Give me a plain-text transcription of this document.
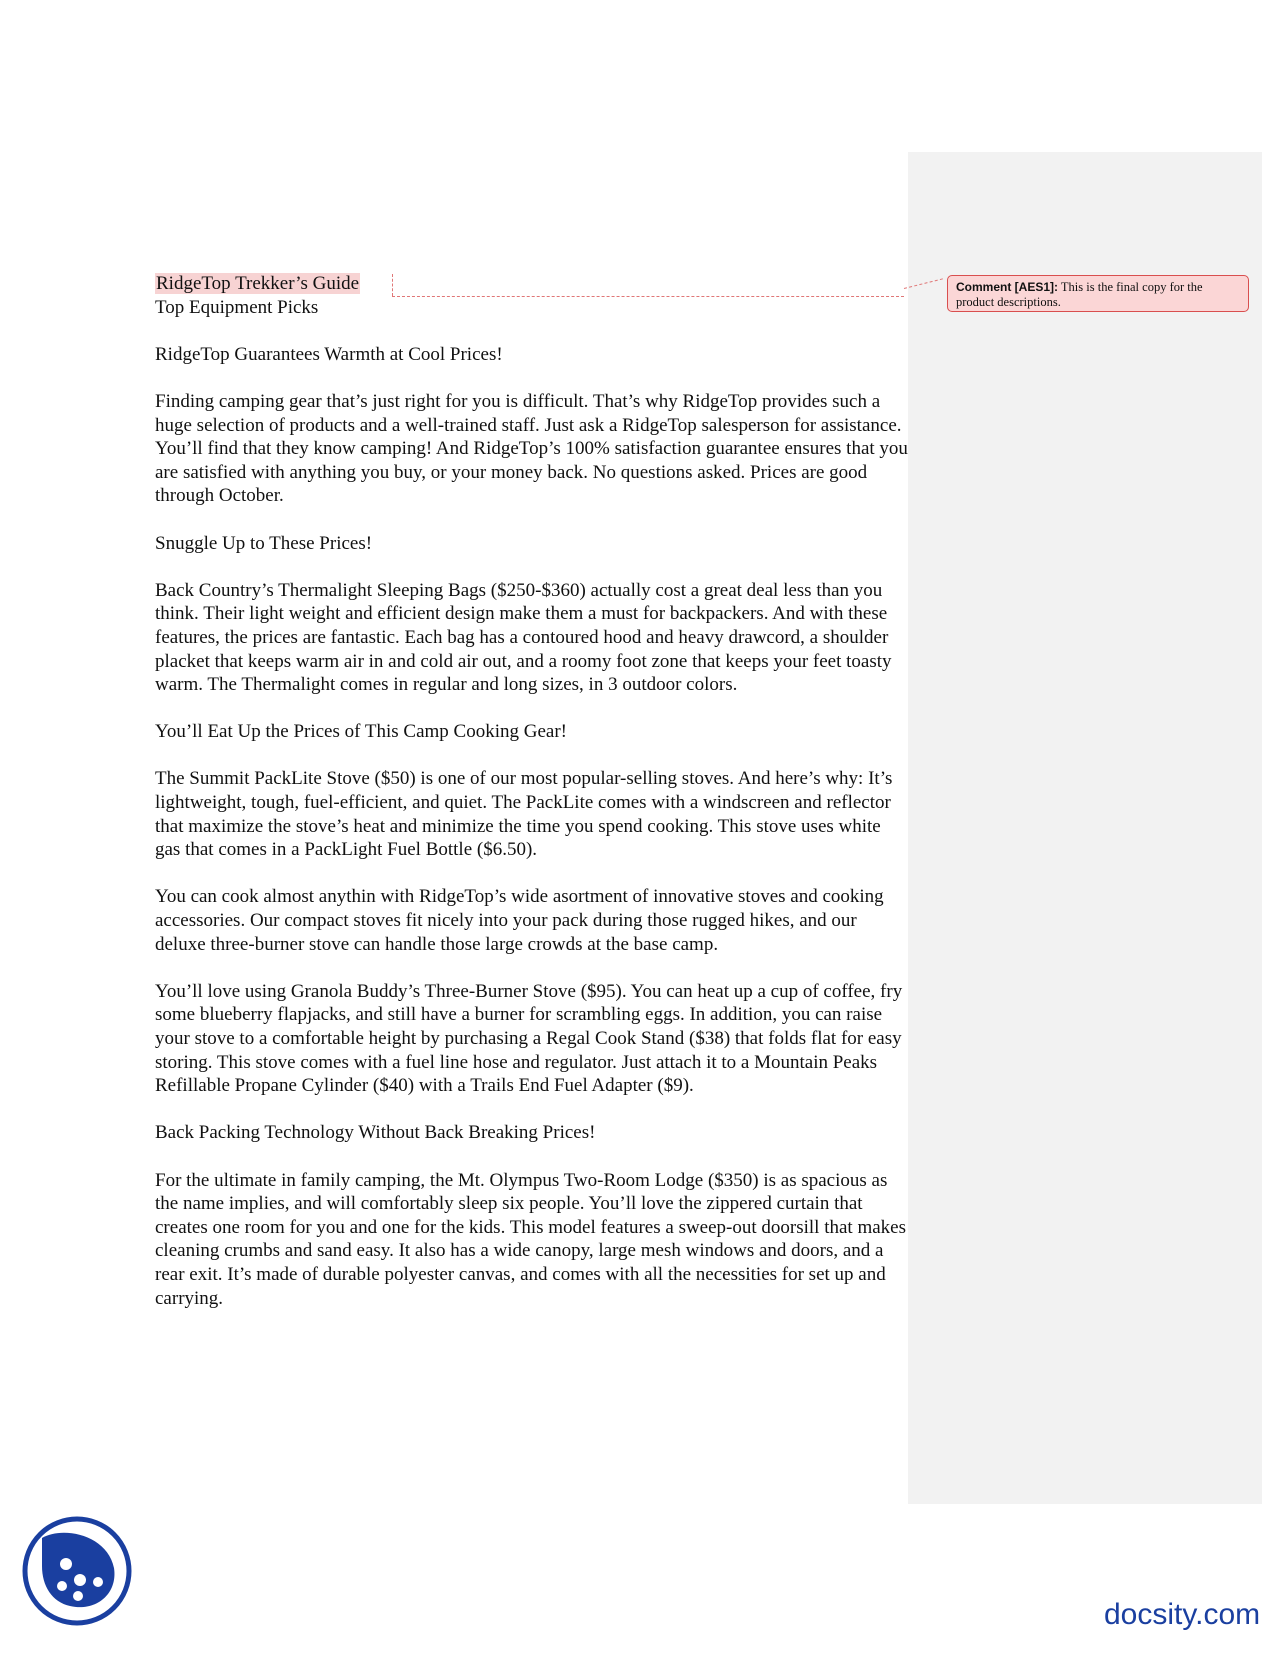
RidgeTop Trekker’s Guide

Top Equipment Picks

RidgeTop Guarantees Warmth at Cool Prices!

Finding camping gear that’s just right for you is difficult. That’s why RidgeTop provides such a huge selection of products and a well-trained staff. Just ask a RidgeTop salesperson for assistance. You’ll find that they know camping! And RidgeTop’s 100% satisfaction guarantee ensures that you are satisfied with anything you buy, or your money back. No questions asked. Prices are good through October.

Snuggle Up to These Prices!

Back Country’s Thermalight Sleeping Bags ($250-$360) actually cost a great deal less than you think. Their light weight and efficient design make them a must for backpackers. And with these features, the prices are fantastic. Each bag has a contoured hood and heavy drawcord, a shoulder placket that keeps warm air in and cold air out, and a roomy foot zone that keeps your feet toasty warm. The Thermalight comes in regular and long sizes, in 3 outdoor colors.

You’ll Eat Up the Prices of This Camp Cooking Gear!

The Summit PackLite Stove ($50) is one of our most popular-selling stoves. And here’s why: It’s lightweight, tough, fuel-efficient, and quiet. The PackLite comes with a windscreen and reflector that maximize the stove’s heat and minimize the time you spend cooking. This stove uses white gas that comes in a PackLight Fuel Bottle ($6.50).

You can cook almost anythin with RidgeTop’s wide asortment of innovative stoves and cooking accessories. Our compact stoves fit nicely into your pack during those rugged hikes, and our deluxe three-burner stove can handle those large crowds at the base camp.

You’ll love using Granola Buddy’s Three-Burner Stove ($95). You can heat up a cup of coffee, fry some blueberry flapjacks, and still have a burner for scrambling eggs. In addition, you can raise your stove to a comfortable height by purchasing a Regal Cook Stand ($38) that folds flat for easy storing. This stove comes with a fuel line hose and regulator. Just attach it to a Mountain Peaks Refillable Propane Cylinder ($40) with a Trails End Fuel Adapter ($9).

Back Packing Technology Without Back Breaking Prices!

For the ultimate in family camping, the Mt. Olympus Two-Room Lodge ($350) is as spacious as the name implies, and will comfortably sleep six people. You’ll love the zippered curtain that creates one room for you and one for the kids. This model features a sweep-out doorsill that makes cleaning crumbs and sand easy. It also has a wide canopy, large mesh windows and doors, and a rear exit. It’s made of durable polyester canvas, and comes with all the necessities for set up and carrying.

Comment [AES1]: This is the final copy for the product descriptions.
docsity.com
